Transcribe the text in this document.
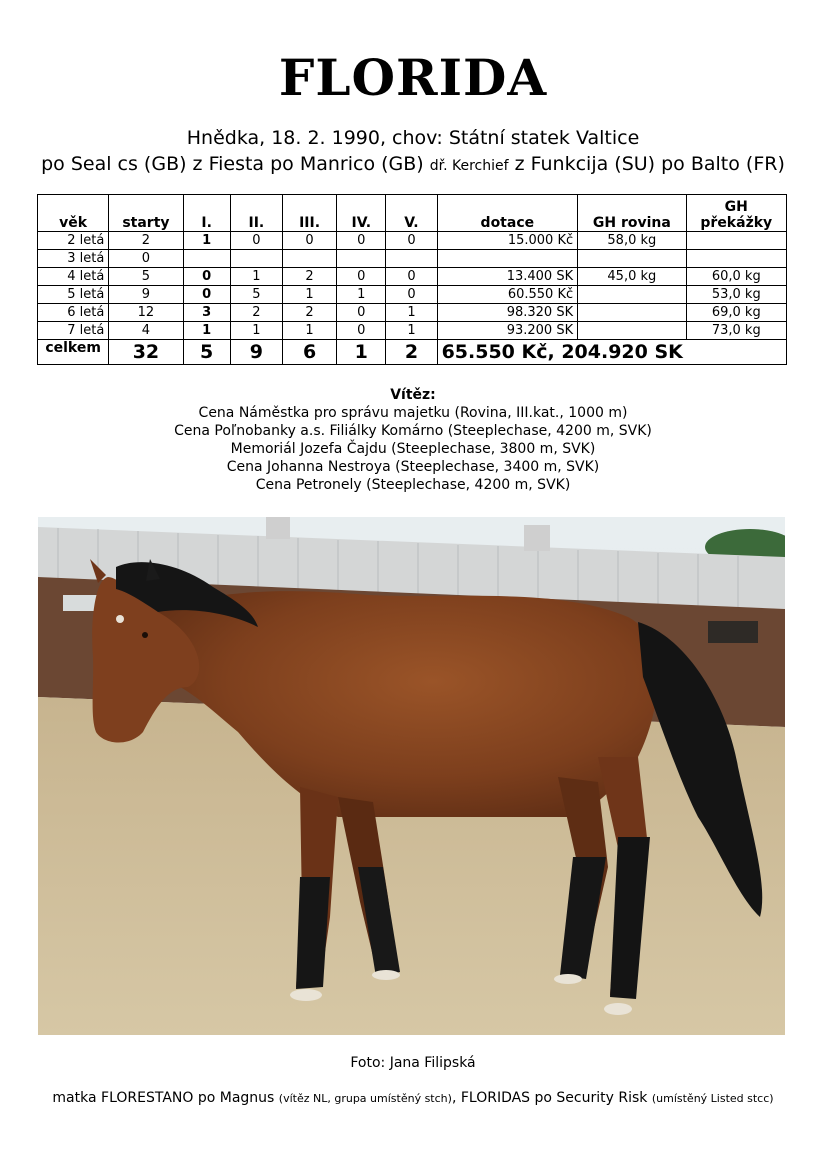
FLORIDA
Hnědka, 18. 2. 1990, chov: Státní statek Valtice
po Seal cs (GB) z Fiesta po Manrico (GB) dř. Kerchief z Funkcija (SU) po Balto (FR)
věk	starty	I.	II.	III.	IV.	V.	dotace	GH rovina	GH překážky
2 letá	2	1	0	0	0	0	15.000 Kč	58,0 kg	
3 letá	0								
4 letá	5	0	1	2	0	0	13.400 SK	45,0 kg	60,0 kg
5 letá	9	0	5	1	1	0	60.550 Kč		53,0 kg
6 letá	12	3	2	2	0	1	98.320 SK		69,0 kg
7 letá	4	1	1	1	0	1	93.200 SK		73,0 kg
celkem	32	5	9	6	1	2	65.550 Kč, 204.920 SK		
Vítěz:
Cena Náměstka pro správu majetku (Rovina, III.kat., 1000 m)
Cena Poľnobanky a.s. Filiálky Komárno (Steeplechase, 4200 m, SVK)
Memoriál Jozefa Čajdu (Steeplechase, 3800 m, SVK)
Cena Johanna Nestroya (Steeplechase, 3400 m, SVK)
Cena Petronely (Steeplechase, 4200 m, SVK)
Foto: Jana Filipská
matka FLORESTANO po Magnus (vítěz NL, grupa umístěný stch), FLORIDAS po Security Risk (umístěný Listed stcc)
